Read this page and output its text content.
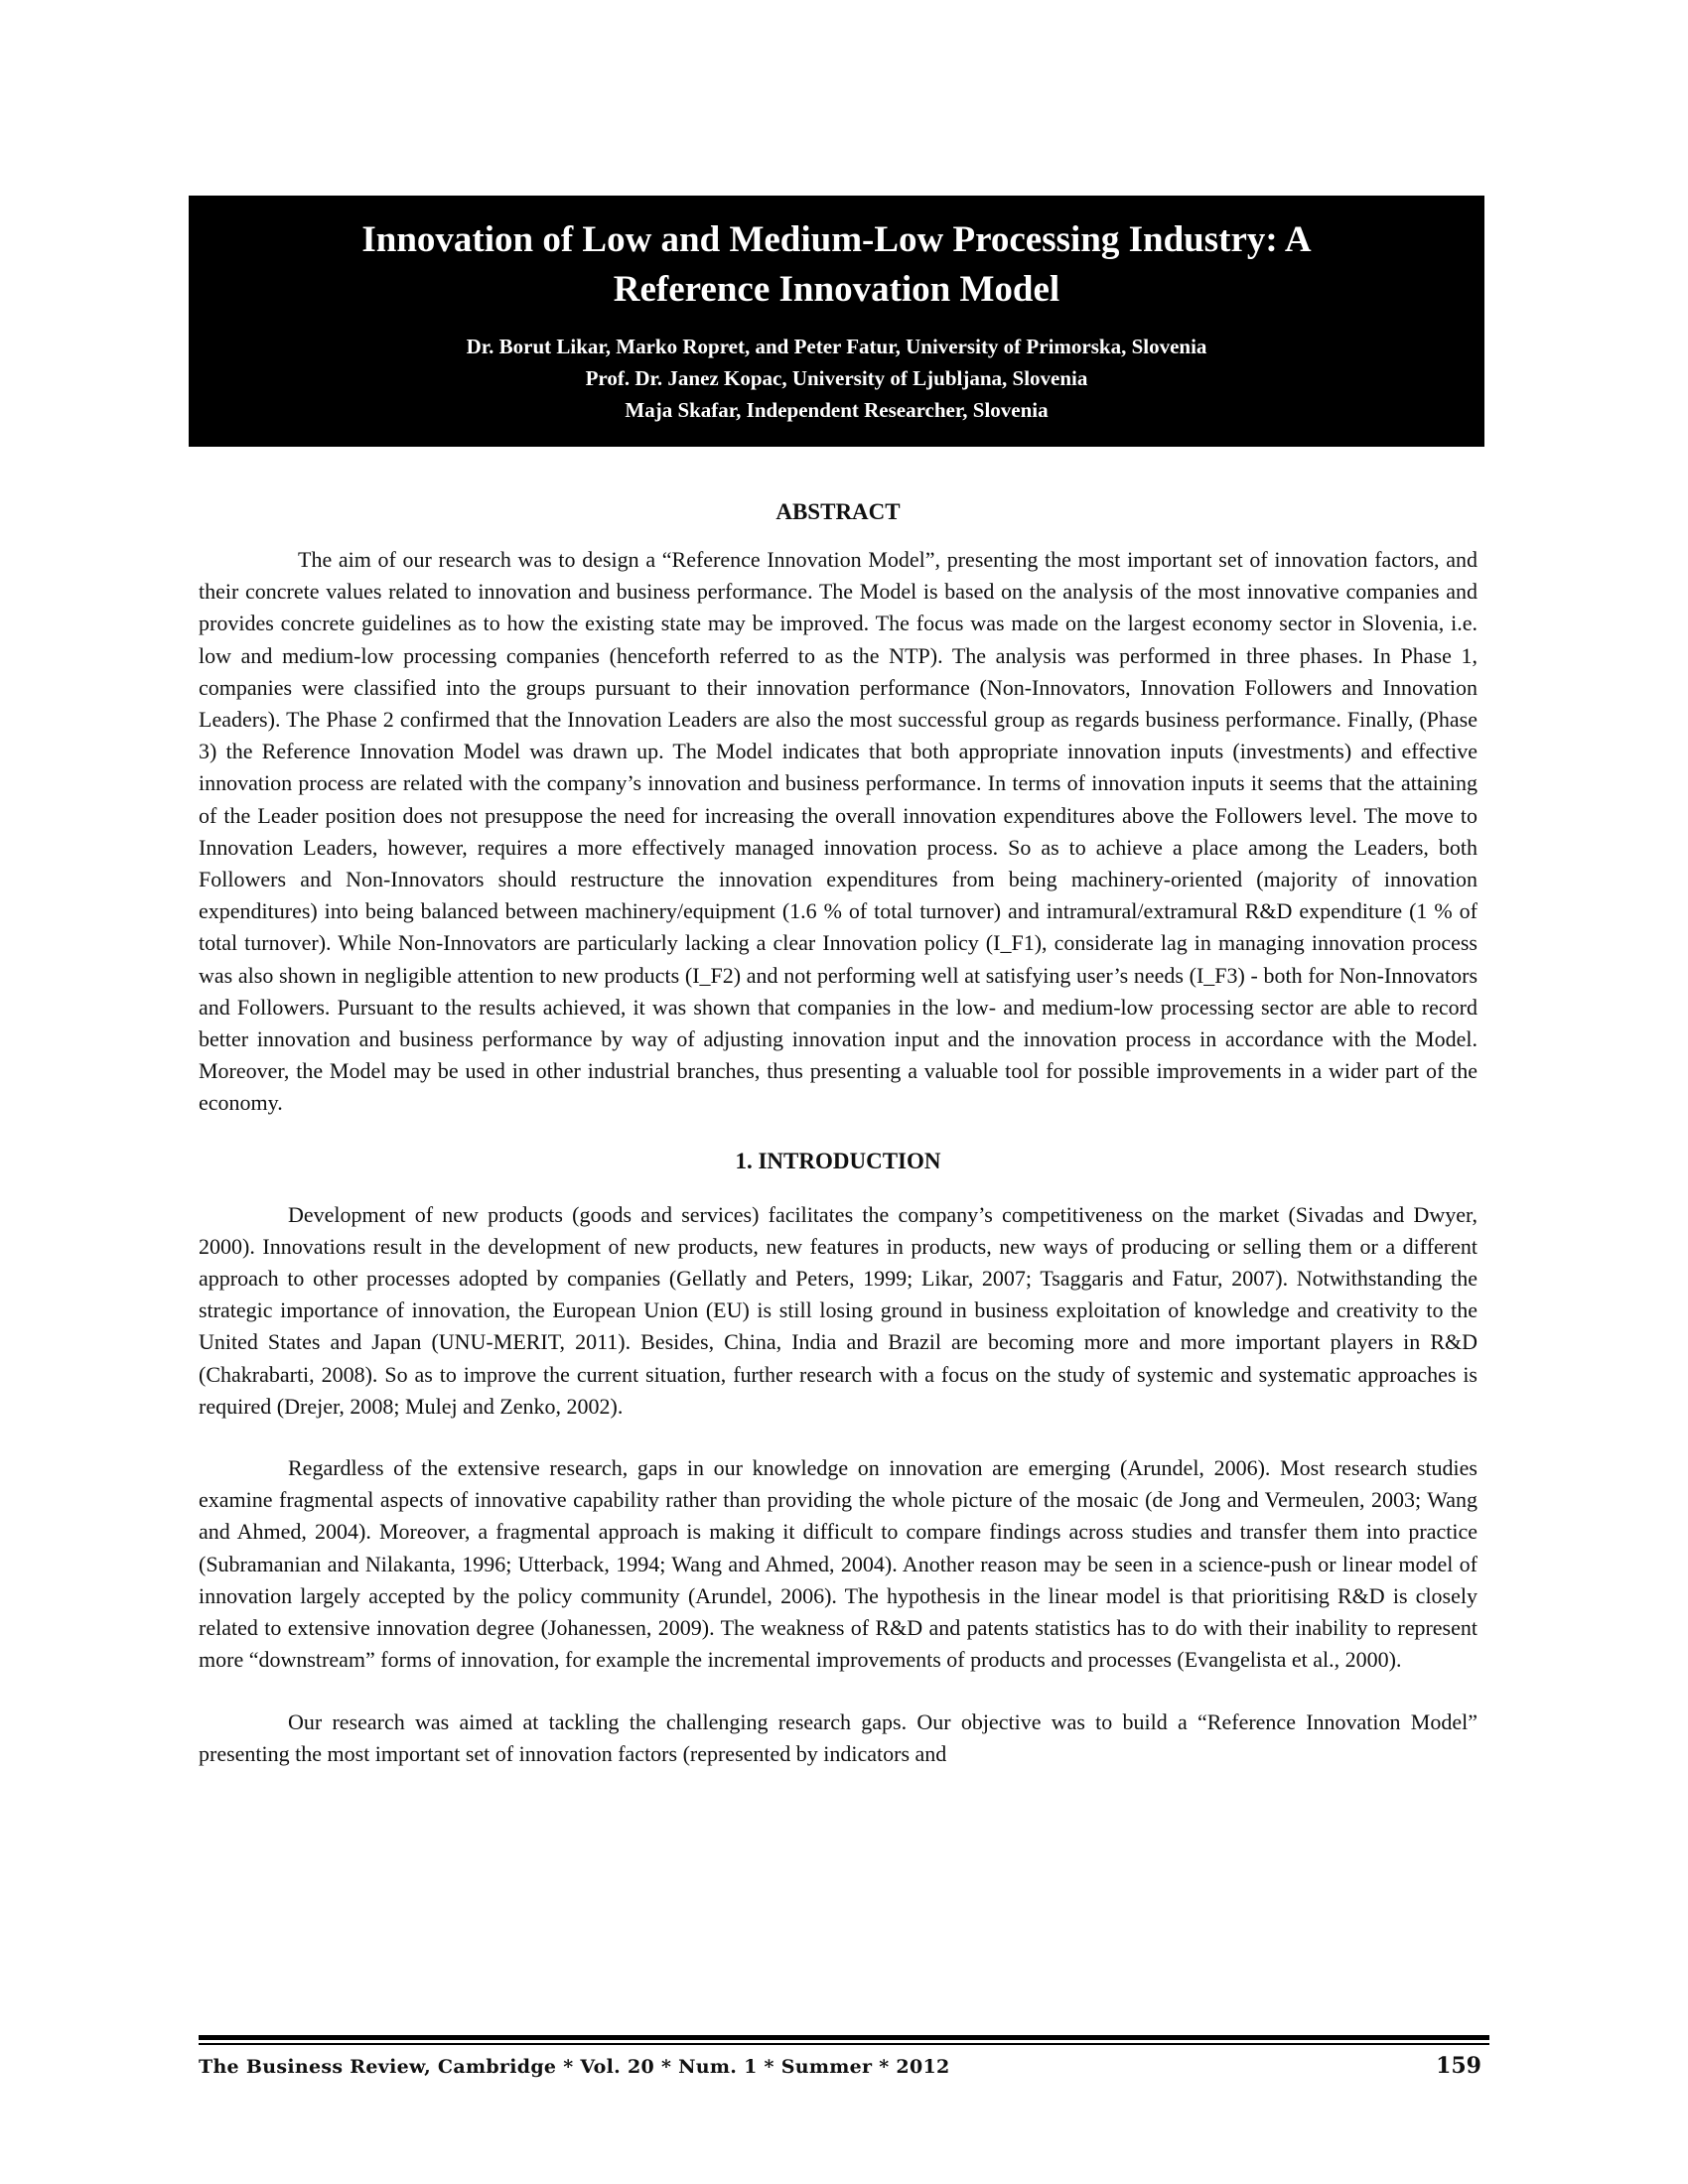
Innovation of Low and Medium-Low Processing Industry: A
Reference Innovation Model
Dr. Borut Likar, Marko Ropret, and Peter Fatur, University of Primorska, Slovenia
Prof. Dr. Janez Kopac, University of Ljubljana, Slovenia
Maja Skafar, Independent Researcher, Slovenia
ABSTRACT

The aim of our research was to design a “Reference Innovation Model”, presenting the most important set of innovation factors, and their concrete values related to innovation and business performance. The Model is based on the analysis of the most innovative companies and provides concrete guidelines as to how the existing state may be improved. The focus was made on the largest economy sector in Slovenia, i.e. low and medium-low processing companies (henceforth referred to as the NTP). The analysis was performed in three phases. In Phase 1, companies were classified into the groups pursuant to their innovation performance (Non-Innovators, Innovation Followers and Innovation Leaders). The Phase 2 confirmed that the Innovation Leaders are also the most successful group as regards business performance. Finally, (Phase 3) the Reference Innovation Model was drawn up. The Model indicates that both appropriate innovation inputs (investments) and effective innovation process are related with the company’s innovation and business performance. In terms of innovation inputs it seems that the attaining of the Leader position does not presuppose the need for increasing the overall innovation expenditures above the Followers level. The move to Innovation Leaders, however, requires a more effectively managed innovation process. So as to achieve a place among the Leaders, both Followers and Non-Innovators should restructure the innovation expenditures from being machinery-oriented (majority of innovation expenditures) into being balanced between machinery/equipment (1.6 % of total turnover) and intramural/extramural R&D expenditure (1 % of total turnover). While Non-Innovators are particularly lacking a clear Innovation policy (I_F1), considerate lag in managing innovation process was also shown in negligible attention to new products (I_F2) and not performing well at satisfying user’s needs (I_F3) - both for Non-Innovators and Followers. Pursuant to the results achieved, it was shown that companies in the low- and medium-low processing sector are able to record better innovation and business performance by way of adjusting innovation input and the innovation process in accordance with the Model. Moreover, the Model may be used in other industrial branches, thus presenting a valuable tool for possible improvements in a wider part of the economy.

1. INTRODUCTION

Development of new products (goods and services) facilitates the company’s competitiveness on the market (Sivadas and Dwyer, 2000). Innovations result in the development of new products, new features in products, new ways of producing or selling them or a different approach to other processes adopted by companies (Gellatly and Peters, 1999; Likar, 2007; Tsaggaris and Fatur, 2007). Notwithstanding the strategic importance of innovation, the European Union (EU) is still losing ground in business exploitation of knowledge and creativity to the United States and Japan (UNU-MERIT, 2011). Besides, China, India and Brazil are becoming more and more important players in R&D (Chakrabarti, 2008). So as to improve the current situation, further research with a focus on the study of systemic and systematic approaches is required (Drejer, 2008; Mulej and Zenko, 2002).

Regardless of the extensive research, gaps in our knowledge on innovation are emerging (Arundel, 2006). Most research studies examine fragmental aspects of innovative capability rather than providing the whole picture of the mosaic (de Jong and Vermeulen, 2003; Wang and Ahmed, 2004). Moreover, a fragmental approach is making it difficult to compare findings across studies and transfer them into practice (Subramanian and Nilakanta, 1996; Utterback, 1994; Wang and Ahmed, 2004). Another reason may be seen in a science-push or linear model of innovation largely accepted by the policy community (Arundel, 2006). The hypothesis in the linear model is that prioritising R&D is closely related to extensive innovation degree (Johanessen, 2009). The weakness of R&D and patents statistics has to do with their inability to represent more “downstream” forms of innovation, for example the incremental improvements of products and processes (Evangelista et al., 2000).

Our research was aimed at tackling the challenging research gaps. Our objective was to build a “Reference Innovation Model” presenting the most important set of innovation factors (represented by indicators and

The Business Review, Cambridge * Vol. 20 * Num. 1 * Summer * 2012	159
